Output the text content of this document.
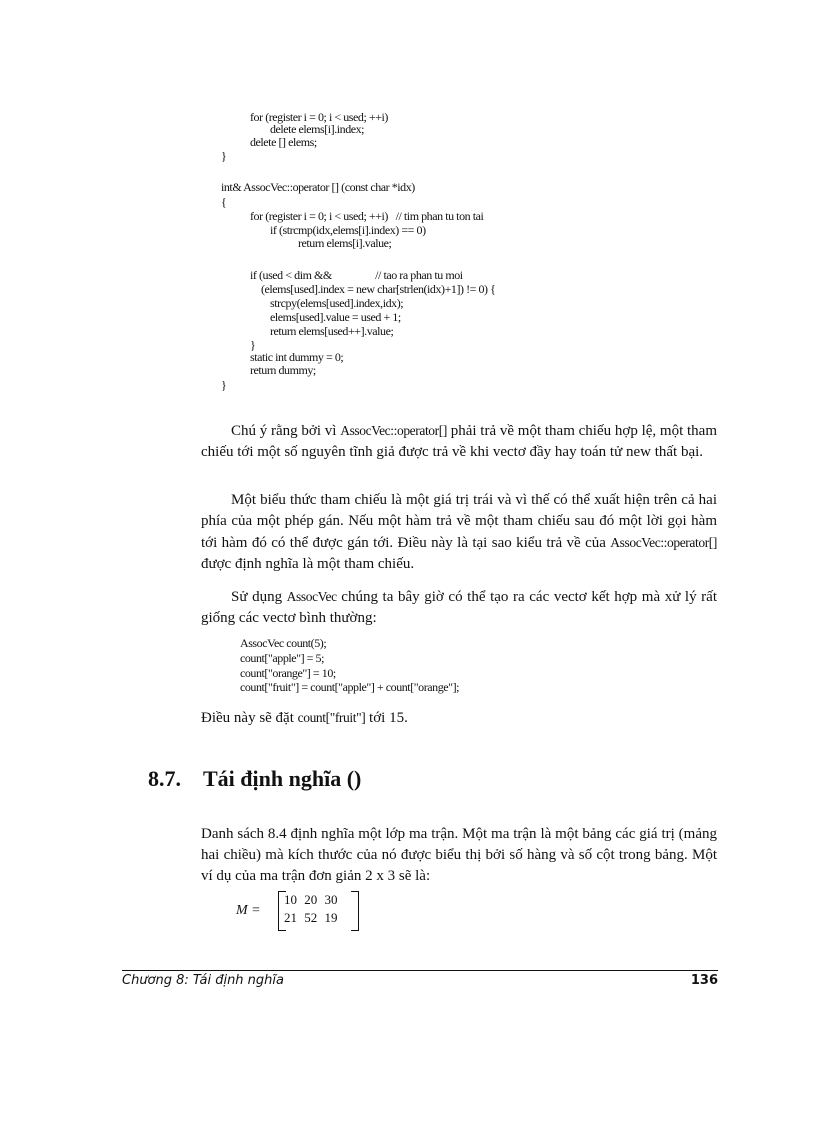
for (register i = 0; i < used; ++i)

delete elems[i].index;

delete [] elems;

}

int& AssocVec::operator [] (const char *idx)

{

for (register i = 0; i < used; ++i)   // tim phan tu ton tai

if (strcmp(idx,elems[i].index) == 0)

return elems[i].value;

if (used < dim &&                 // tao ra phan tu moi

(elems[used].index = new char[strlen(idx)+1]) != 0) {

strcpy(elems[used].index,idx);

elems[used].value = used + 1;

return elems[used++].value;

}

static int dummy = 0;

return dummy;

}

Chú ý rằng bởi vì AssocVec::operator[] phải trả về một tham chiếu hợp lệ, một tham chiếu tới một số nguyên tĩnh giả được trả về khi vectơ đầy hay toán tử new thất bại.

Một biểu thức tham chiếu là một giá trị trái và vì thế có thể xuất hiện trên cả hai phía của một phép gán. Nếu một hàm trả về một tham chiếu sau đó một lời gọi hàm tới hàm đó có thể được gán tới. Điều này là tại sao kiểu trả về của AssocVec::operator[] được định nghĩa là một tham chiếu.

Sử dụng AssocVec chúng ta bây giờ có thể tạo ra các vectơ kết hợp mà xử lý rất giống các vectơ bình thường:

AssocVec count(5);

count["apple"] = 5;

count["orange"] = 10;

count["fruit"] = count["apple"] + count["orange"];

Điều này sẽ đặt count["fruit"] tới 15.

8.7. Tái định nghĩa ()

Danh sách 8.4 định nghĩa một lớp ma trận. Một ma trận là một bảng các giá trị (mảng hai chiều) mà kích thước của nó được biểu thị bởi số hàng và số cột trong bảng. Một ví dụ của ma trận đơn giản 2 x 3 sẽ là:

M =
10 20 30
21 52 19
Chương 8: Tái định nghĩa	136
